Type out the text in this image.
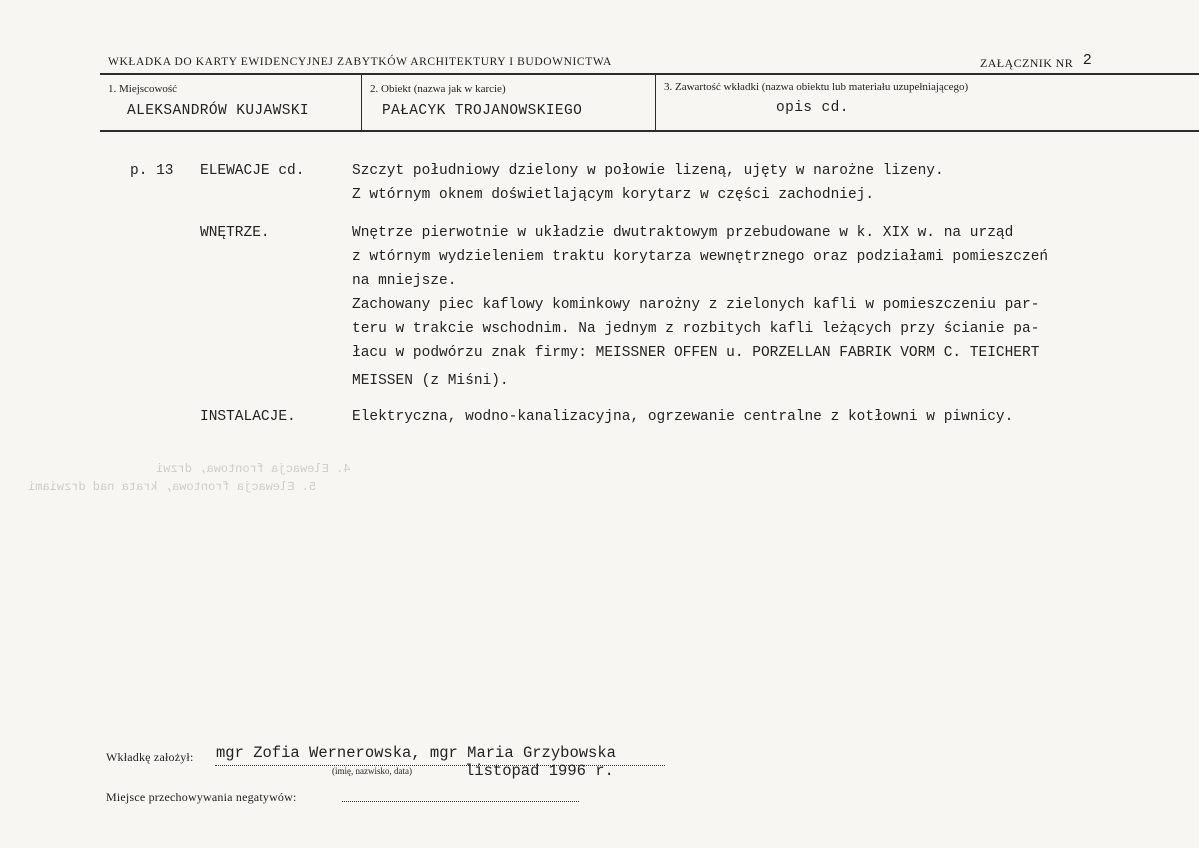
4. Elewacja frontowa, drzwi
5. Elewacja frontowa, krata nad drzwiami
WKŁADKA DO KARTY EWIDENCYJNEJ ZABYTKÓW ARCHITEKTURY I BUDOWNICTWA	ZAŁĄCZNIK NR 2
1. Miejscowość
ALEKSANDRÓW KUJAWSKI
2. Obiekt (nazwa jak w karcie)
PAŁACYK TROJANOWSKIEGO
3. Zawartość wkładki (nazwa obiektu lub materiału uzupełniającego)
opis cd.
p. 13 ELEWACJE cd.	Szczyt południowy dzielony w połowie lizeną, ujęty w narożne lizeny.
Z wtórnym oknem doświetlającym korytarz w części zachodniej.
WNĘTRZE.	Wnętrze pierwotnie w układzie dwutraktowym przebudowane w k. XIX w. na urząd
z wtórnym wydzieleniem traktu korytarza wewnętrznego oraz podziałami pomieszczeń
na mniejsze.
Zachowany piec kaflowy kominkowy narożny z zielonych kafli w pomieszczeniu par-
teru w trakcie wschodnim. Na jednym z rozbitych kafli leżących przy ścianie pa-
łacu w podwórzu znak firmy: MEISSNER OFFEN u. PORZELLAN FABRIK VORM C. TEICHERT
MEISSEN (z Miśni).
INSTALACJE.	Elektryczna, wodno-kanalizacyjna, ogrzewanie centralne z kotłowni w piwnicy.
Wkładkę założył: mgr Zofia Wernerowska, mgr Maria Grzybowska
(imię, nazwisko, data)	listopad 1996 r.
Miejsce przechowywania negatywów:
